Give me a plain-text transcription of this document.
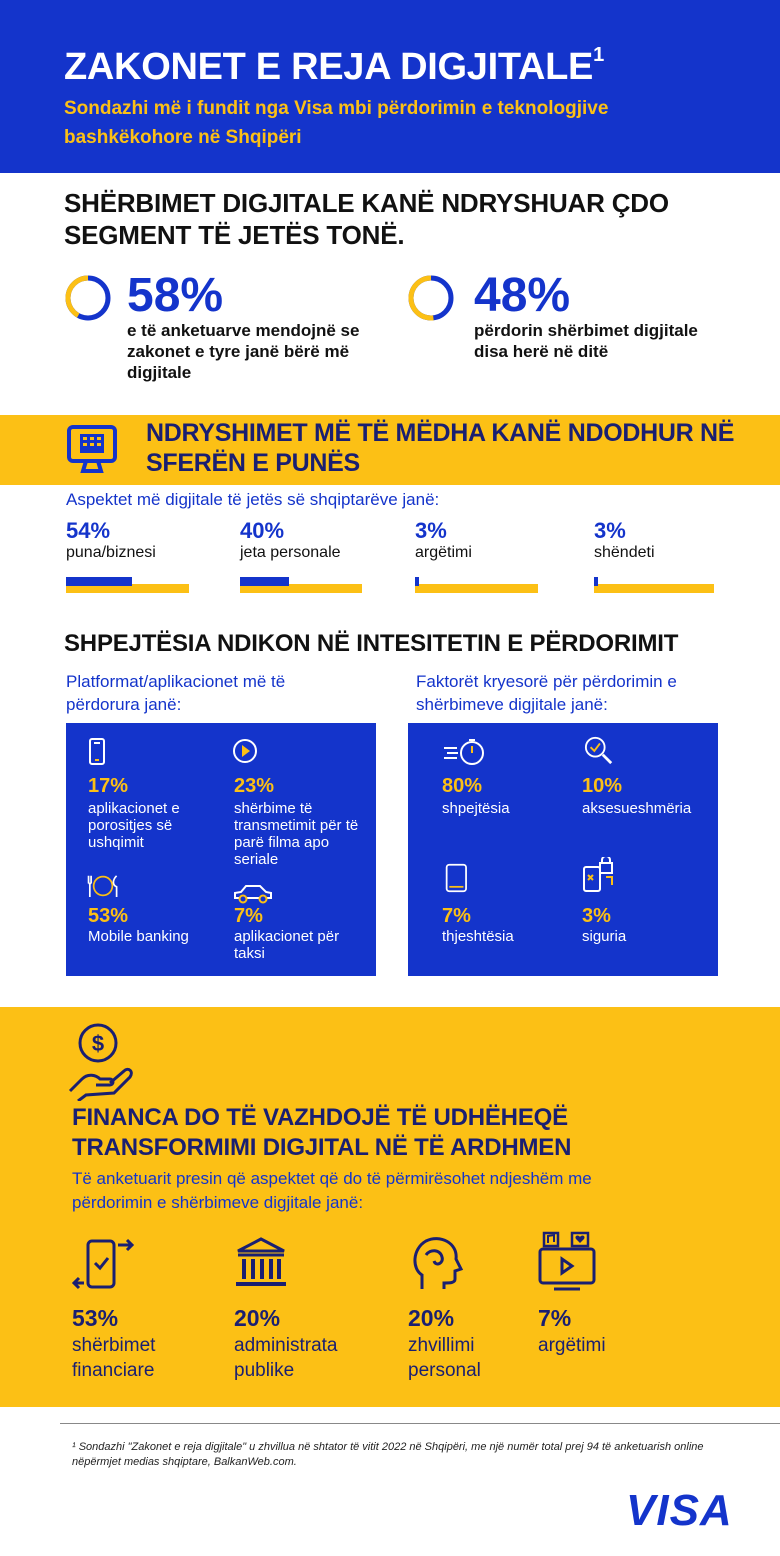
ZAKONET E REJA DIGJITALE$^1$
Sondazhi më i fundit nga Visa mbi përdorimin e teknologjive bashkëkohore në Shqipëri
SHËRBIMET DIGJITALE KANË NDRYSHUAR ÇDO SEGMENT TË JETËS TONË.
58%
e të anketuarve mendojnë se zakonet e tyre janë bërë më digjitale
48%
përdorin shërbimet digjitale disa herë në ditë
NDRYSHIMET MË TË MËDHA KANË NDODHUR NË SFERËN E PUNËS
Aspektet më digjitale të jetës së shqiptarëve janë:
54%
puna/biznesi
40%
jeta personale
3%
argëtimi
3%
shëndeti
SHPEJTËSIA NDIKON NË INTESITETIN E PËRDORIMIT
Platformat/aplikacionet më të përdorura janë:
Faktorët kryesorë për përdorimin e shërbimeve digjitale janë:
17%
aplikacionet e porositjes së ushqimit
23%
shërbime të transmetimit për të parë filma apo seriale
53%
Mobile banking
7%
aplikacionet për taksi
80%
shpejtësia
10%
aksesueshmëria
7%
thjeshtësia
3%
siguria
$
FINANCA DO TË VAZHDOJË TË UDHËHEQË TRANSFORMIMI DIGJITAL NË TË ARDHMEN
Të anketuarit presin që aspektet që do të përmirësohet ndjeshëm me përdorimin e shërbimeve digjitale janë:
53%
shërbimet financiare
20%
administrata publike
20%
zhvillimi personal
7%
argëtimi
¹ Sondazhi "Zakonet e reja digjitale" u zhvillua në shtator të vitit 2022 në Shqipëri, me një numër total prej 94 të anketuarish online nëpërmjet medias shqiptare, BalkanWeb.com.
VISA
